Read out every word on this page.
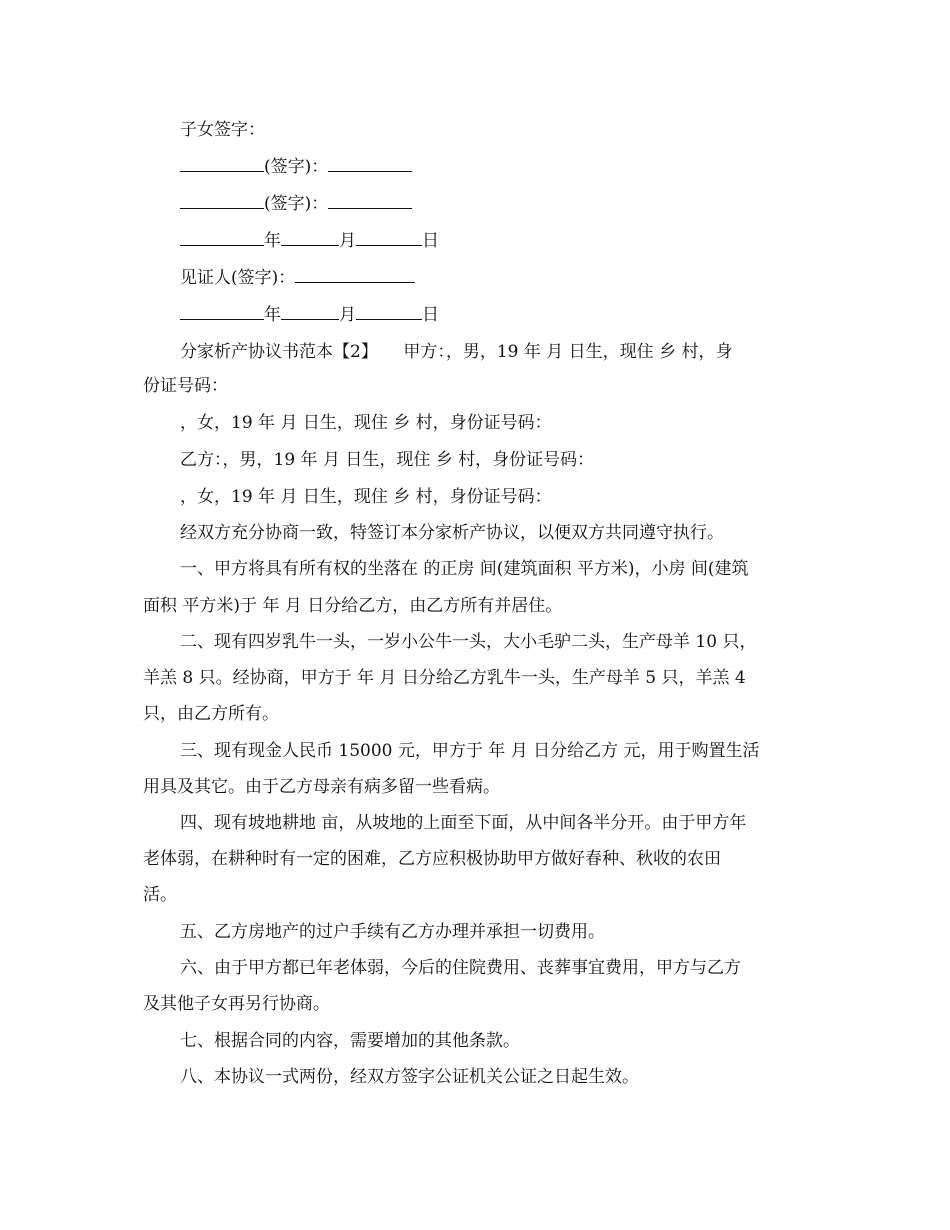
子女签字：
(签字)：
(签字)：
年	月	日
见证人(签字)：
年	月	日
分家析产协议书范本【2】　　甲方：，男，19 年 月 日生，现住 乡 村，身
份证号码：
，女，19 年 月 日生，现住 乡 村，身份证号码：
乙方：，男，19 年 月 日生，现住 乡 村，身份证号码：
，女，19 年 月 日生，现住 乡 村，身份证号码：
经双方充分协商一致，特签订本分家析产协议，以便双方共同遵守执行。
一、甲方将具有所有权的坐落在 的正房 间(建筑面积 平方米)，小房 间(建筑
面积 平方米)于 年 月 日分给乙方，由乙方所有并居住。
二、现有四岁乳牛一头，一岁小公牛一头，大小毛驴二头，生产母羊 10 只，
羊羔 8 只。经协商，甲方于 年 月 日分给乙方乳牛一头，生产母羊 5 只，羊羔 4
只，由乙方所有。
三、现有现金人民币 15000 元，甲方于 年 月 日分给乙方 元，用于购置生活
用具及其它。由于乙方母亲有病多留一些看病。
四、现有坡地耕地 亩，从坡地的上面至下面，从中间各半分开。由于甲方年
老体弱，在耕种时有一定的困难，乙方应积极协助甲方做好春种、秋收的农田
活。
五、乙方房地产的过户手续有乙方办理并承担一切费用。
六、由于甲方都已年老体弱，今后的住院费用、丧葬事宜费用，甲方与乙方
及其他子女再另行协商。
七、根据合同的内容，需要增加的其他条款。
八、本协议一式两份，经双方签字公证机关公证之日起生效。
